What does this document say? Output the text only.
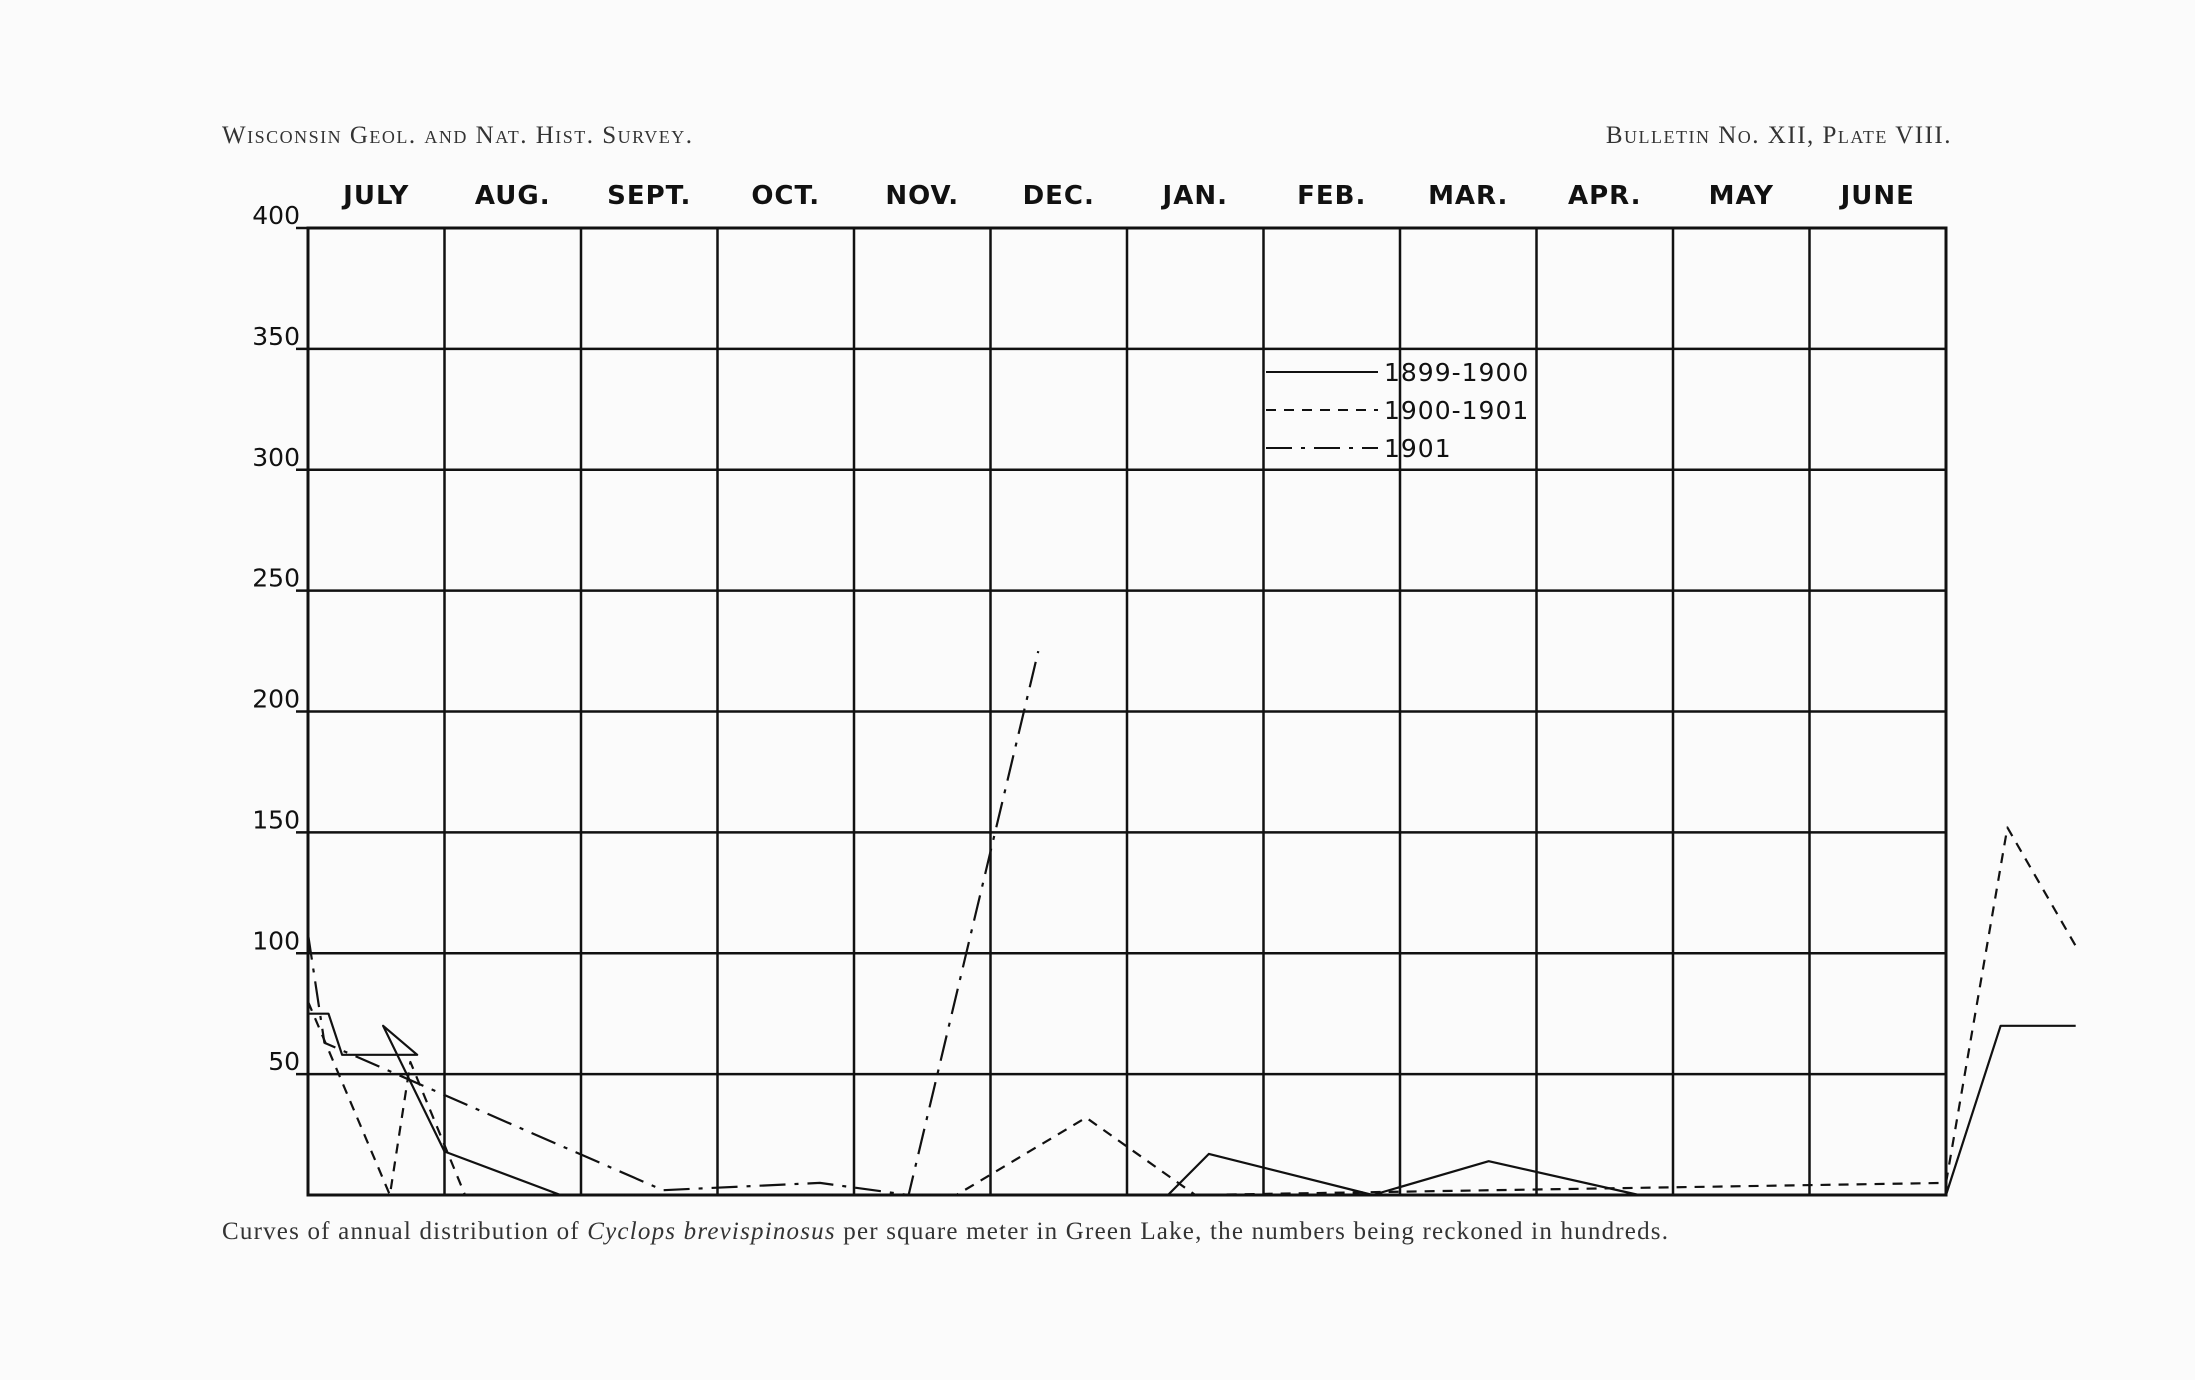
Wisconsin Geol. and Nat. Hist. Survey.	Bulletin No. XII, Plate VIII.
JULY	AUG. SEPT. OCT.	NOV. DEC.	JAN.	FEB. MAR. APR.	MAY	JUNE
50
100
150
200
250
300
350
400
1899-1900
1900-1901
1901
Curves of annual distribution of Cyclops brevispinosus per square meter in Green Lake, the numbers being reckoned in hundreds.
